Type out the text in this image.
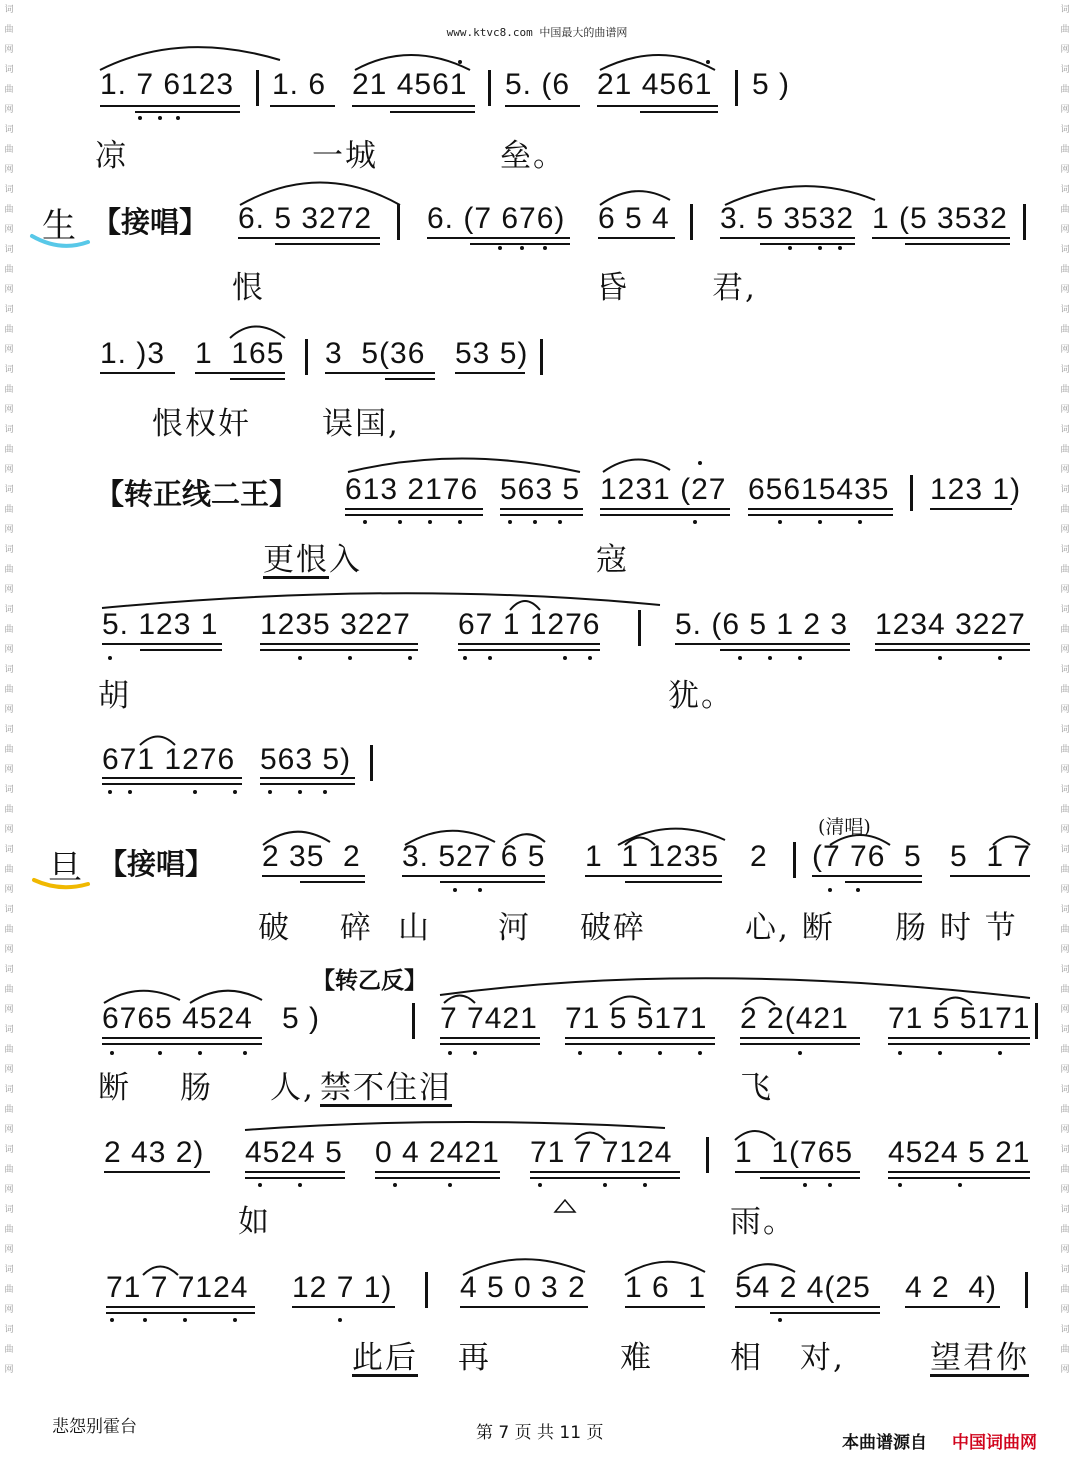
www.ktvc8.com 中国最大的曲谱网
词曲网词曲网词曲网词曲网词曲网词曲网词曲网词曲网词曲网词曲网词曲网词曲网词曲网词曲网词曲网词曲网词曲网词曲网词曲网词曲网词曲网词曲网词曲网
词曲网词曲网词曲网词曲网词曲网词曲网词曲网词曲网词曲网词曲网词曲网词曲网词曲网词曲网词曲网词曲网词曲网词曲网词曲网词曲网词曲网词曲网词曲网
1. 7 6123 1. 6 21 4561 5. (6 21 4561 5 )
凉	一城	垒。
生 【接唱】 6. 5 3272 6. (7 676) 6 5 4 3. 5 3532 1 (5 3532
恨	昏	君,
1. )3 1  165 3  5(36 53 5)
恨权奸 误国,
【转正线二王】 613 2176 563 5 1231 (27 65615435 123 1)
更恨入	寇
5. 123 1 1235 3227 67 1 1276 5. (6 5 1 2 3 1234 3227
胡	犹。
671 1276 563 5)
(清唱)
旦 【接唱】 2 35  2 3. 527 6 5 1  1 1235 2 (7 76  5 5  1 7
破 碎 山 河 破碎	心, 断 肠 时 节
【转乙反】
6765 4524 5 )	7 7421 71 5 5171 2 2(421 71 5 5171
断 肠 人, 禁不住泪	飞
2 43 2) 4524 5 0 4 2421 71 7 7124 1  1(765 4524 5 21
如	雨。
71 7 7124 12 7 1) 4 5 0 3 2 1 6  1 54 2 4(25 4 2  4)
此后 再	难 相 对,	望君你
悲怨别霍台	第 7 页 共 11 页	本曲谱源自 中国词曲网
